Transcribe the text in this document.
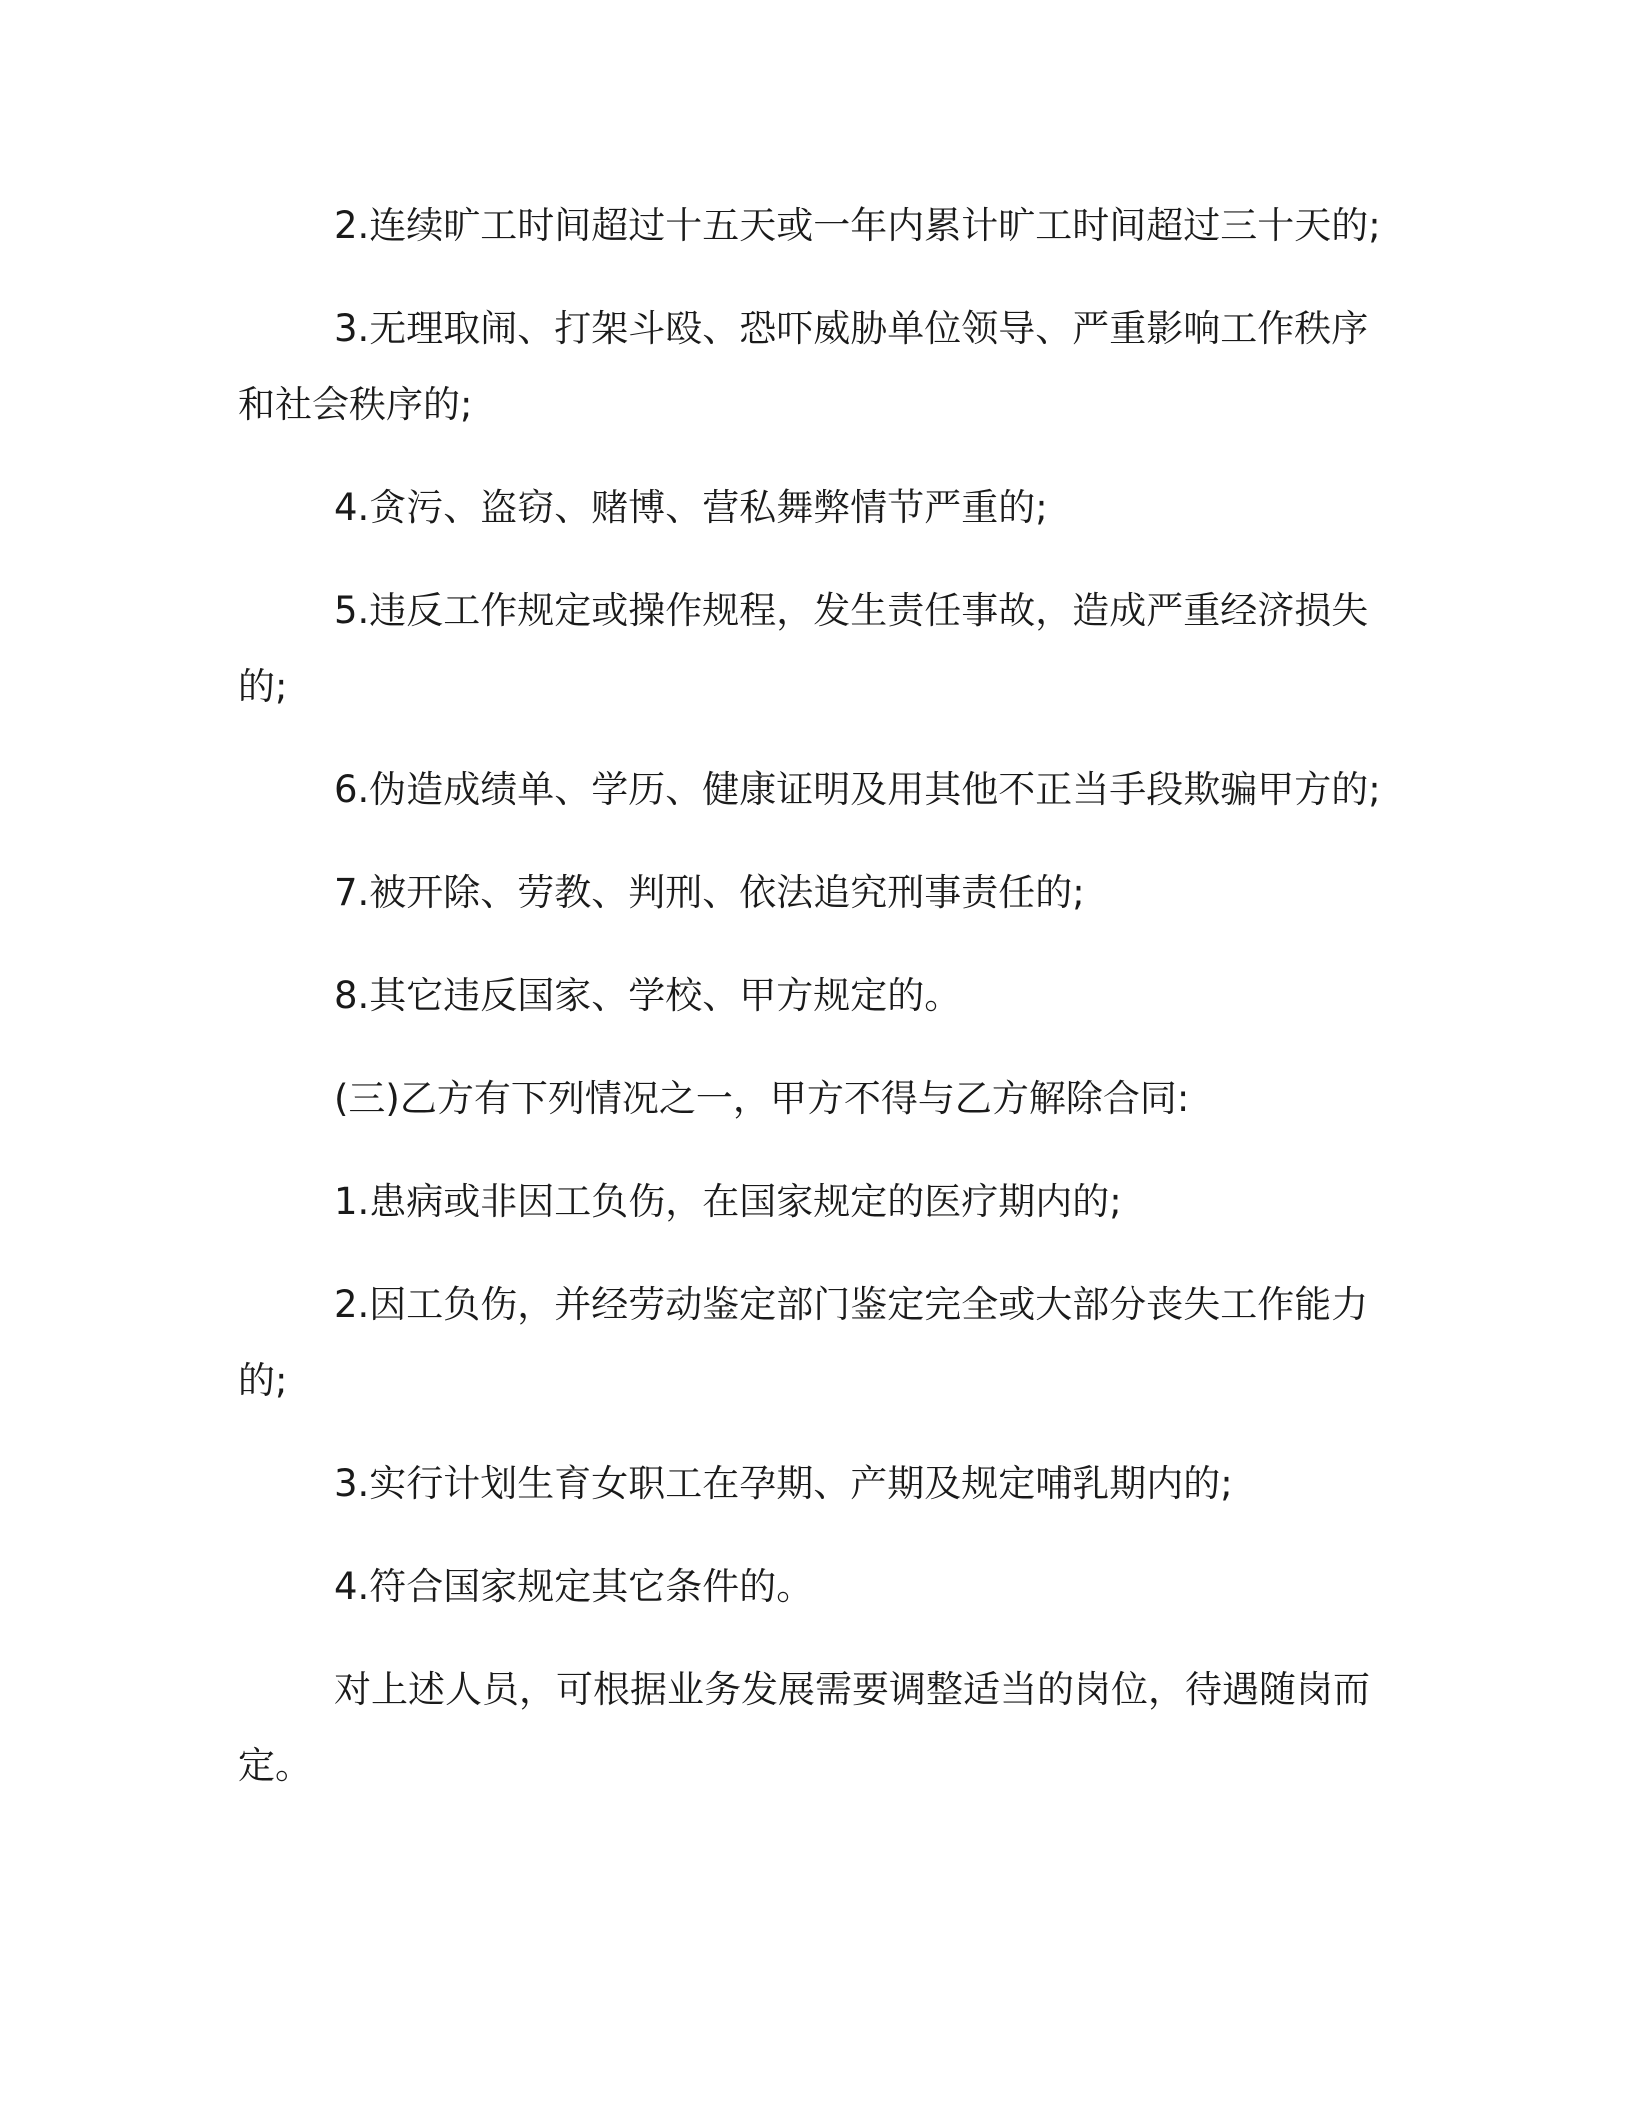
2.连续旷工时间超过十五天或一年内累计旷工时间超过三十天的;

3.无理取闹、打架斗殴、恐吓威胁单位领导、严重影响工作秩序和社会秩序的;

4.贪污、盗窃、赌博、营私舞弊情节严重的;

5.违反工作规定或操作规程，发生责任事故，造成严重经济损失的;

6.伪造成绩单、学历、健康证明及用其他不正当手段欺骗甲方的;

7.被开除、劳教、判刑、依法追究刑事责任的;

8.其它违反国家、学校、甲方规定的。

(三)乙方有下列情况之一，甲方不得与乙方解除合同:

1.患病或非因工负伤，在国家规定的医疗期内的;

2.因工负伤，并经劳动鉴定部门鉴定完全或大部分丧失工作能力的;

3.实行计划生育女职工在孕期、产期及规定哺乳期内的;

4.符合国家规定其它条件的。

对上述人员，可根据业务发展需要调整适当的岗位，待遇随岗而定。
